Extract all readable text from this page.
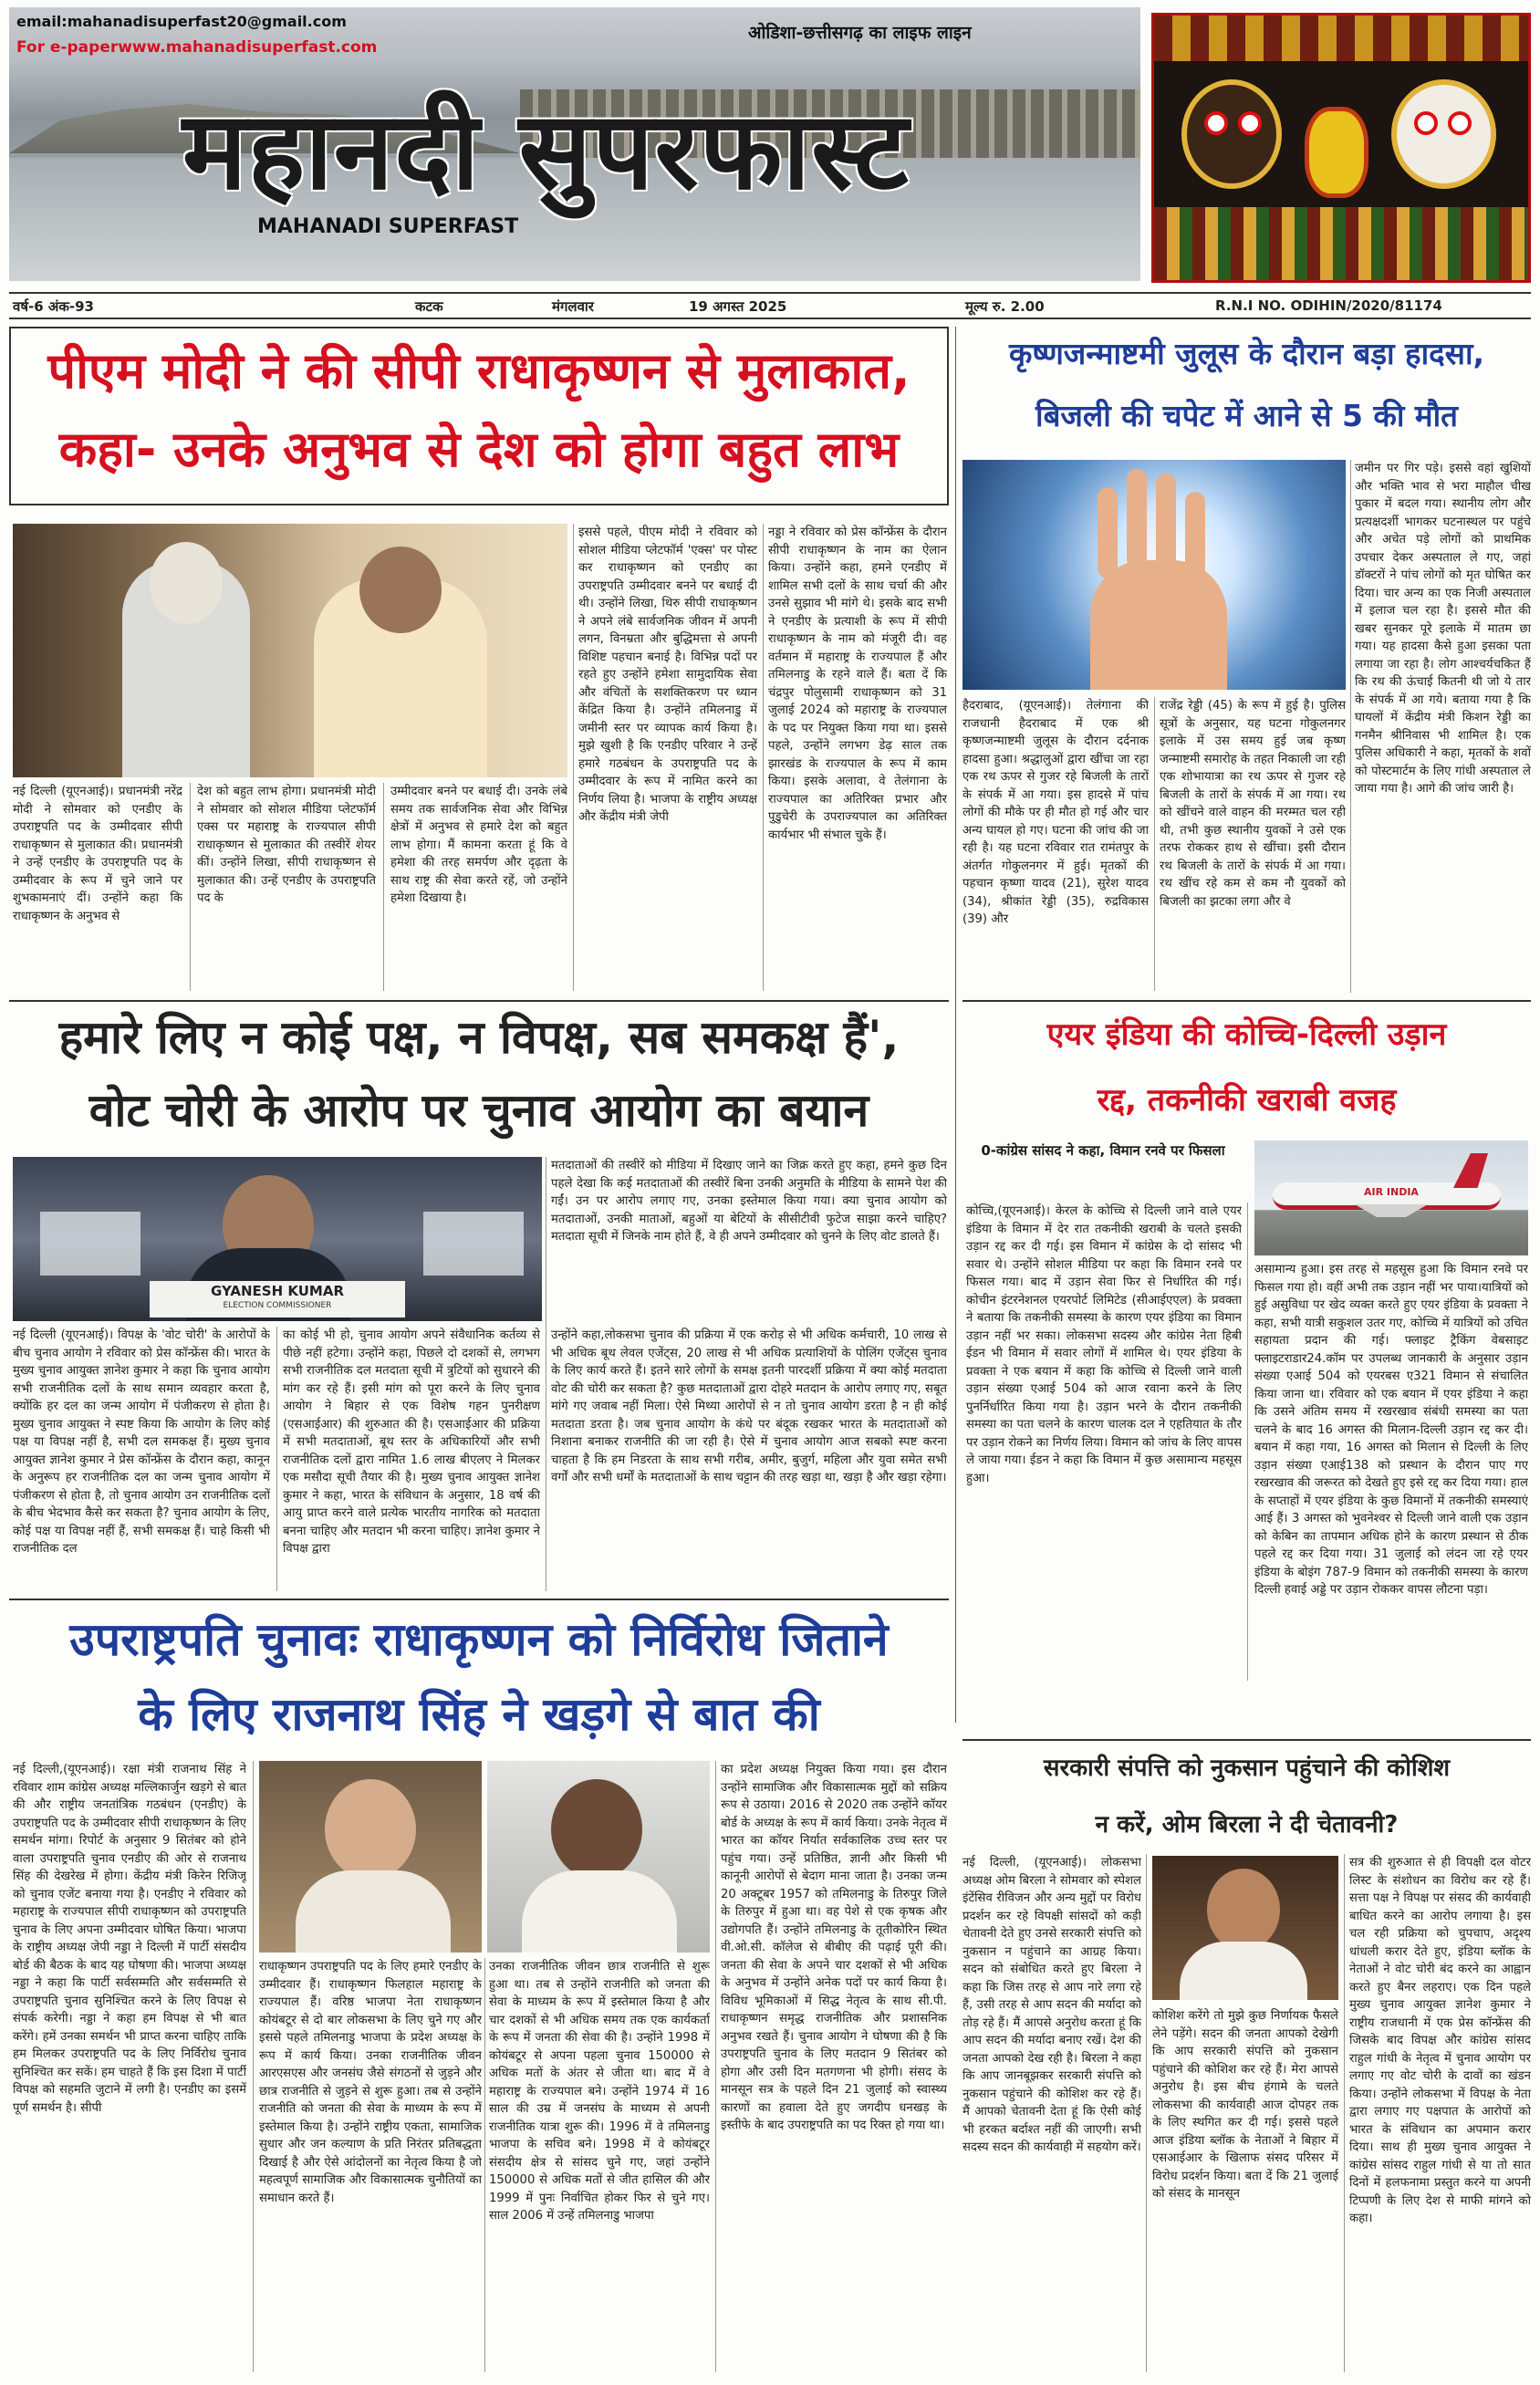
email:mahanadisuperfast20@gmail.com
For e-paperwww.mahanadisuperfast.com
ओडिशा-छत्तीसगढ़ का लाइफ लाइन
महानदी सुपरफास्ट
MAHANADI SUPERFAST
वर्ष-6 अंक-93	कटक	मंगलवार	19 अगस्त 2025	मूल्य रु. 2.00	R.N.I NO. ODIHIN/2020/81174
पीएम मोदी ने की सीपी राधाकृष्णन से मुलाकात,
कहा- उनके अनुभव से देश को होगा बहुत लाभ
नई दिल्ली (यूएनआई)। प्रधानमंत्री नरेंद्र मोदी ने सोमवार को एनडीए के उपराष्ट्रपति पद के उम्मीदवार सीपी राधाकृष्णन से मुलाकात की। प्रधानमंत्री ने उन्हें एनडीए के उपराष्ट्रपति पद के उम्मीदवार के रूप में चुने जाने पर शुभकामनाएं दीं। उन्होंने कहा कि राधाकृष्णन के अनुभव से
देश को बहुत लाभ होगा। प्रधानमंत्री मोदी ने सोमवार को सोशल मीडिया प्लेटफॉर्म एक्स पर महाराष्ट्र के राज्यपाल सीपी राधाकृष्णन से मुलाकात की तस्वीरें शेयर कीं। उन्होंने लिखा, सीपी राधाकृष्णन से मुलाकात की। उन्हें एनडीए के उपराष्ट्रपति पद के
उम्मीदवार बनने पर बधाई दी। उनके लंबे समय तक सार्वजनिक सेवा और विभिन्न क्षेत्रों में अनुभव से हमारे देश को बहुत लाभ होगा। मैं कामना करता हूं कि वे हमेशा की तरह समर्पण और दृढ़ता के साथ राष्ट्र की सेवा करते रहें, जो उन्होंने हमेशा दिखाया है।
इससे पहले, पीएम मोदी ने रविवार को सोशल मीडिया प्लेटफॉर्म 'एक्स' पर पोस्ट कर राधाकृष्णन को एनडीए का उपराष्ट्रपति उम्मीदवार बनने पर बधाई दी थी। उन्होंने लिखा, थिरु सीपी राधाकृष्णन ने अपने लंबे सार्वजनिक जीवन में अपनी लगन, विनम्रता और बुद्धिमत्ता से अपनी विशिष्ट पहचान बनाई है। विभिन्न पदों पर रहते हुए उन्होंने हमेशा सामुदायिक सेवा और वंचितों के सशक्तिकरण पर ध्यान केंद्रित किया है। उन्होंने तमिलनाडु में जमीनी स्तर पर व्यापक कार्य किया है। मुझे खुशी है कि एनडीए परिवार ने उन्हें हमारे गठबंधन के उपराष्ट्रपति पद के उम्मीदवार के रूप में नामित करने का निर्णय लिया है। भाजपा के राष्ट्रीय अध्यक्ष और केंद्रीय मंत्री जेपी
नड्डा ने रविवार को प्रेस कॉन्फ्रेंस के दौरान सीपी राधाकृष्णन के नाम का ऐलान किया। उन्होंने कहा, हमने एनडीए में शामिल सभी दलों के साथ चर्चा की और उनसे सुझाव भी मांगे थे। इसके बाद सभी ने एनडीए के प्रत्याशी के रूप में सीपी राधाकृष्णन के नाम को मंजूरी दी। वह वर्तमान में महाराष्ट्र के राज्यपाल हैं और तमिलनाडु के रहने वाले हैं। बता दें कि चंद्रपुर पोलुसामी राधाकृष्णन को 31 जुलाई 2024 को महाराष्ट्र के राज्यपाल के पद पर नियुक्त किया गया था। इससे पहले, उन्होंने लगभग डेढ़ साल तक झारखंड के राज्यपाल के रूप में काम किया। इसके अलावा, वे तेलंगाना के राज्यपाल का अतिरिक्त प्रभार और पुडुचेरी के उपराज्यपाल का अतिरिक्त कार्यभार भी संभाल चुके हैं।
कृष्णजन्माष्टमी जुलूस के दौरान बड़ा हादसा,
बिजली की चपेट में आने से 5 की मौत
जमीन पर गिर पड़े। इससे वहां खुशियों और भक्ति भाव से भरा माहौल चीख पुकार में बदल गया। स्थानीय लोग और प्रत्यक्षदर्शी भागकर घटनास्थल पर पहुंचे और अचेत पड़े लोगों को प्राथमिक उपचार देकर अस्पताल ले गए, जहां डॉक्टरों ने पांच लोगों को मृत घोषित कर दिया। चार अन्य का एक निजी अस्पताल में इलाज चल रहा है। इससे मौत की खबर सुनकर पूरे इलाके में मातम छा गया। यह हादसा कैसे हुआ इसका पता लगाया जा रहा है। लोग आश्चर्यचकित हैं कि रथ की ऊंचाई कितनी थी जो ये तार के संपर्क में आ गये। बताया गया है कि घायलों में केंद्रीय मंत्री किशन रेड्डी का गनमैन श्रीनिवास भी शामिल है। एक पुलिस अधिकारी ने कहा, मृतकों के शवों को पोस्टमार्टम के लिए गांधी अस्पताल ले जाया गया है। आगे की जांच जारी है।
हैदराबाद, (यूएनआई)। तेलंगाना की राजधानी हैदराबाद में एक श्री कृष्णजन्माष्टमी जुलूस के दौरान दर्दनाक हादसा हुआ। श्रद्धालुओं द्वारा खींचा जा रहा एक रथ ऊपर से गुजर रहे बिजली के तारों के संपर्क में आ गया। इस हादसे में पांच लोगों की मौके पर ही मौत हो गई और चार अन्य घायल हो गए। घटना की जांच की जा रही है। यह घटना रविवार रात रामंतपुर के अंतर्गत गोकुलनगर में हुई। मृतकों की पहचान कृष्णा यादव (21), सुरेश यादव (34), श्रीकांत रेड्डी (35), रुद्रविकास (39) और
राजेंद्र रेड्डी (45) के रूप में हुई है। पुलिस सूत्रों के अनुसार, यह घटना गोकुलनगर इलाके में उस समय हुई जब कृष्ण जन्माष्टमी समारोह के तहत निकाली जा रही एक शोभायात्रा का रथ ऊपर से गुजर रहे बिजली के तारों के संपर्क में आ गया। रथ को खींचने वाले वाहन की मरम्मत चल रही थी, तभी कुछ स्थानीय युवकों ने उसे एक तरफ रोककर हाथ से खींचा। इसी दौरान रथ बिजली के तारों के संपर्क में आ गया। रथ खींच रहे कम से कम नौ युवकों को बिजली का झटका लगा और वे
हमारे लिए न कोई पक्ष, न विपक्ष, सब समकक्ष हैं',
वोट चोरी के आरोप पर चुनाव आयोग का बयान
GYANESH KUMAR
ELECTION COMMISSIONER
मतदाताओं की तस्वीरें को मीडिया में दिखाए जाने का जिक्र करते हुए कहा, हमने कुछ दिन पहले देखा कि कई मतदाताओं की तस्वीरें बिना उनकी अनुमति के मीडिया के सामने पेश की गईं। उन पर आरोप लगाए गए, उनका इस्तेमाल किया गया। क्या चुनाव आयोग को मतदाताओं, उनकी माताओं, बहुओं या बेटियों के सीसीटीवी फुटेज साझा करने चाहिए? मतदाता सूची में जिनके नाम होते हैं, वे ही अपने उम्मीदवार को चुनने के लिए वोट डालते हैं।
नई दिल्ली (यूएनआई)। विपक्ष के 'वोट चोरी' के आरोपों के बीच चुनाव आयोग ने रविवार को प्रेस कॉन्फ्रेंस की। भारत के मुख्य चुनाव आयुक्त ज्ञानेश कुमार ने कहा कि चुनाव आयोग सभी राजनीतिक दलों के साथ समान व्यवहार करता है, क्योंकि हर दल का जन्म आयोग में पंजीकरण से होता है। मुख्य चुनाव आयुक्त ने स्पष्ट किया कि आयोग के लिए कोई पक्ष या विपक्ष नहीं है, सभी दल समकक्ष हैं। मुख्य चुनाव आयुक्त ज्ञानेश कुमार ने प्रेस कॉन्फ्रेंस के दौरान कहा, कानून के अनुरूप हर राजनीतिक दल का जन्म चुनाव आयोग में पंजीकरण से होता है, तो चुनाव आयोग उन राजनीतिक दलों के बीच भेदभाव कैसे कर सकता है? चुनाव आयोग के लिए, कोई पक्ष या विपक्ष नहीं हैं, सभी समकक्ष हैं। चाहे किसी भी राजनीतिक दल
का कोई भी हो, चुनाव आयोग अपने संवैधानिक कर्तव्य से पीछे नहीं हटेगा। उन्होंने कहा, पिछले दो दशकों से, लगभग सभी राजनीतिक दल मतदाता सूची में त्रुटियों को सुधारने की मांग कर रहे हैं। इसी मांग को पूरा करने के लिए चुनाव आयोग ने बिहार से एक विशेष गहन पुनरीक्षण (एसआईआर) की शुरुआत की है। एसआईआर की प्रक्रिया में सभी मतदाताओं, बूथ स्तर के अधिकारियों और सभी राजनीतिक दलों द्वारा नामित 1.6 लाख बीएलए ने मिलकर एक मसौदा सूची तैयार की है। मुख्य चुनाव आयुक्त ज्ञानेश कुमार ने कहा, भारत के संविधान के अनुसार, 18 वर्ष की आयु प्राप्त करने वाले प्रत्येक भारतीय नागरिक को मतदाता बनना चाहिए और मतदान भी करना चाहिए। ज्ञानेश कुमार ने विपक्ष द्वारा
उन्होंने कहा,लोकसभा चुनाव की प्रक्रिया में एक करोड़ से भी अधिक कर्मचारी, 10 लाख से भी अधिक बूथ लेवल एजेंट्स, 20 लाख से भी अधिक प्रत्याशियों के पोलिंग एजेंट्स चुनाव के लिए कार्य करते हैं। इतने सारे लोगों के समक्ष इतनी पारदर्शी प्रक्रिया में क्या कोई मतदाता वोट की चोरी कर सकता है? कुछ मतदाताओं द्वारा दोहरे मतदान के आरोप लगाए गए, सबूत मांगे गए जवाब नहीं मिला। ऐसे मिथ्या आरोपों से न तो चुनाव आयोग डरता है न ही कोई मतदाता डरता है। जब चुनाव आयोग के कंधे पर बंदूक रखकर भारत के मतदाताओं को निशाना बनाकर राजनीति की जा रही है। ऐसे में चुनाव आयोग आज सबको स्पष्ट करना चाहता है कि हम निडरता के साथ सभी गरीब, अमीर, बुजुर्ग, महिला और युवा समेत सभी वर्गों और सभी धर्मों के मतदाताओं के साथ चट्टान की तरह खड़ा था, खड़ा है और खड़ा रहेगा।
एयर इंडिया की कोच्चि-दिल्ली उड़ान
रद्द, तकनीकी खराबी वजह
0-कांग्रेस सांसद ने कहा, विमान रनवे पर फिसला
कोच्चि,(यूएनआई)। केरल के कोच्चि से दिल्ली जाने वाले एयर इंडिया के विमान में देर रात तकनीकी खराबी के चलते इसकी उड़ान रद्द कर दी गई। इस विमान में कांग्रेस के दो सांसद भी सवार थे। उन्होंने सोशल मीडिया पर कहा कि विमान रनवे पर फिसल गया। बाद में उड़ान सेवा फिर से निर्धारित की गई। कोचीन इंटरनेशनल एयरपोर्ट लिमिटेड (सीआईएएल) के प्रवक्ता ने बताया कि तकनीकी समस्या के कारण एयर इंडिया का विमान उड़ान नहीं भर सका। लोकसभा सदस्य और कांग्रेस नेता हिबी ईडन भी विमान में सवार लोगों में शामिल थे। एयर इंडिया के प्रवक्ता ने एक बयान में कहा कि कोच्चि से दिल्ली जाने वाली उड़ान संख्या एआई 504 को आज रवाना करने के लिए पुनर्निर्धारित किया गया है। उड़ान भरने के दौरान तकनीकी समस्या का पता चलने के कारण चालक दल ने एहतियात के तौर पर उड़ान रोकने का निर्णय लिया। विमान को जांच के लिए वापस ले जाया गया। ईडन ने कहा कि विमान में कुछ असामान्य महसूस हुआ।
AIR INDIA
असामान्य हुआ। इस तरह से महसूस हुआ कि विमान रनवे पर फिसल गया हो। वहीं अभी तक उड़ान नहीं भर पाया।यात्रियों को हुई असुविधा पर खेद व्यक्त करते हुए एयर इंडिया के प्रवक्ता ने कहा, सभी यात्री सकुशल उतर गए, कोच्चि में यात्रियों को उचित सहायता प्रदान की गई। फ्लाइट ट्रैकिंग वेबसाइट फ्लाइटराडार24.कॉम पर उपलब्ध जानकारी के अनुसार उड़ान संख्या एआई 504 को एयरबस ए321 विमान से संचालित किया जाना था। रविवार को एक बयान में एयर इंडिया ने कहा कि उसने अंतिम समय में रखरखाव संबंधी समस्या का पता चलने के बाद 16 अगस्त की मिलान-दिल्ली उड़ान रद्द कर दी। बयान में कहा गया, 16 अगस्त को मिलान से दिल्ली के लिए उड़ान संख्या एआई138 को प्रस्थान के दौरान पाए गए रखरखाव की जरूरत को देखते हुए इसे रद्द कर दिया गया। हाल के सप्ताहों में एयर इंडिया के कुछ विमानों में तकनीकी समस्याएं आई हैं। 3 अगस्त को भुवनेश्वर से दिल्ली जाने वाली एक उड़ान को केबिन का तापमान अधिक होने के कारण प्रस्थान से ठीक पहले रद्द कर दिया गया। 31 जुलाई को लंदन जा रहे एयर इंडिया के बोइंग 787-9 विमान को तकनीकी समस्या के कारण दिल्ली हवाई अड्डे पर उड़ान रोककर वापस लौटना पड़ा।
उपराष्ट्रपति चुनावः राधाकृष्णन को निर्विरोध जिताने
के लिए राजनाथ सिंह ने खड़गे से बात की
नई दिल्ली,(यूएनआई)। रक्षा मंत्री राजनाथ सिंह ने रविवार शाम कांग्रेस अध्यक्ष मल्लिकार्जुन खड़गे से बात की और राष्ट्रीय जनतांत्रिक गठबंधन (एनडीए) के उपराष्ट्रपति पद के उम्मीदवार सीपी राधाकृष्णन के लिए समर्थन मांगा। रिपोर्ट के अनुसार 9 सितंबर को होने वाला उपराष्ट्रपति चुनाव एनडीए की ओर से राजनाथ सिंह की देखरेख में होगा। केंद्रीय मंत्री किरेन रिजिजू को चुनाव एजेंट बनाया गया है। एनडीए ने रविवार को महाराष्ट्र के राज्यपाल सीपी राधाकृष्णन को उपराष्ट्रपति चुनाव के लिए अपना उम्मीदवार घोषित किया। भाजपा के राष्ट्रीय अध्यक्ष जेपी नड्डा ने दिल्ली में पार्टी संसदीय बोर्ड की बैठक के बाद यह घोषणा की। भाजपा अध्यक्ष नड्डा ने कहा कि पार्टी सर्वसम्मति और सर्वसम्मति से उपराष्ट्रपति चुनाव सुनिश्चित करने के लिए विपक्ष से संपर्क करेगी। नड्डा ने कहा हम विपक्ष से भी बात करेंगे। हमें उनका समर्थन भी प्राप्त करना चाहिए ताकि हम मिलकर उपराष्ट्रपति पद के लिए निर्विरोध चुनाव सुनिश्चित कर सकें। हम चाहते हैं कि इस दिशा में पार्टी विपक्ष को सहमति जुटाने में लगी है। एनडीए का इसमें पूर्ण समर्थन है। सीपी
राधाकृष्णन उपराष्ट्रपति पद के लिए हमारे एनडीए के उम्मीदवार हैं। राधाकृष्णन फिलहाल महाराष्ट्र के राज्यपाल हैं। वरिष्ठ भाजपा नेता राधाकृष्णन कोयंबटूर से दो बार लोकसभा के लिए चुने गए और इससे पहले तमिलनाडु भाजपा के प्रदेश अध्यक्ष के रूप में कार्य किया। उनका राजनीतिक जीवन आरएसएस और जनसंघ जैसे संगठनों से जुड़ने और छात्र राजनीति से जुड़ने से शुरू हुआ। तब से उन्होंने राजनीति को जनता की सेवा के माध्यम के रूप में इस्तेमाल किया है। उन्होंने राष्ट्रीय एकता, सामाजिक सुधार और जन कल्याण के प्रति निरंतर प्रतिबद्धता दिखाई है और ऐसे आंदोलनों का नेतृत्व किया है जो महत्वपूर्ण सामाजिक और विकासात्मक चुनौतियों का समाधान करते हैं।
उनका राजनीतिक जीवन छात्र राजनीति से शुरू हुआ था। तब से उन्होंने राजनीति को जनता की सेवा के माध्यम के रूप में इस्तेमाल किया है और चार दशकों से भी अधिक समय तक एक कार्यकर्ता के रूप में जनता की सेवा की है। उन्होंने 1998 में कोयंबटूर से अपना पहला चुनाव 150000 से अधिक मतों के अंतर से जीता था। बाद में वे महाराष्ट्र के राज्यपाल बने। उन्होंने 1974 में 16 साल की उम्र में जनसंघ के माध्यम से अपनी राजनीतिक यात्रा शुरू की। 1996 में वे तमिलनाडु भाजपा के सचिव बने। 1998 में वे कोयंबटूर संसदीय क्षेत्र से सांसद चुने गए, जहां उन्होंने 150000 से अधिक मतों से जीत हासिल की और 1999 में पुनः निर्वाचित होकर फिर से चुने गए। साल 2006 में उन्हें तमिलनाडु भाजपा
का प्रदेश अध्यक्ष नियुक्त किया गया। इस दौरान उन्होंने सामाजिक और विकासात्मक मुद्दों को सक्रिय रूप से उठाया। 2016 से 2020 तक उन्होंने कॉयर बोर्ड के अध्यक्ष के रूप में कार्य किया। उनके नेतृत्व में भारत का कॉयर निर्यात सर्वकालिक उच्च स्तर पर पहुंच गया। उन्हें प्रतिष्ठित, ज्ञानी और किसी भी कानूनी आरोपों से बेदाग माना जाता है। उनका जन्म 20 अक्टूबर 1957 को तमिलनाडु के तिरुपुर जिले के तिरुपुर में हुआ था। वह पेशे से एक कृषक और उद्योगपति हैं। उन्होंने तमिलनाडु के तूतीकोरिन स्थित वी.ओ.सी. कॉलेज से बीबीए की पढ़ाई पूरी की। जनता की सेवा के अपने चार दशकों से भी अधिक के अनुभव में उन्होंने अनेक पदों पर कार्य किया है। विविध भूमिकाओं में सिद्ध नेतृत्व के साथ सी.पी. राधाकृष्णन समृद्ध राजनीतिक और प्रशासनिक अनुभव रखते हैं। चुनाव आयोग ने घोषणा की है कि उपराष्ट्रपति चुनाव के लिए मतदान 9 सितंबर को होगा और उसी दिन मतगणना भी होगी। संसद के मानसून सत्र के पहले दिन 21 जुलाई को स्वास्थ्य कारणों का हवाला देते हुए जगदीप धनखड़ के इस्तीफे के बाद उपराष्ट्रपति का पद रिक्त हो गया था।
सरकारी संपत्ति को नुकसान पहुंचाने की कोशिश
न करें, ओम बिरला ने दी चेतावनी?
नई दिल्ली, (यूएनआई)। लोकसभा अध्यक्ष ओम बिरला ने सोमवार को स्पेशल इंटेंसिव रीविजन और अन्य मुद्दों पर विरोध प्रदर्शन कर रहे विपक्षी सांसदों को कड़ी चेतावनी देते हुए उनसे सरकारी संपत्ति को नुकसान न पहुंचाने का आग्रह किया। सदन को संबोधित करते हुए बिरला ने कहा कि जिस तरह से आप नारे लगा रहे हैं, उसी तरह से आप सदन की मर्यादा को तोड़ रहे हैं। मैं आपसे अनुरोध करता हूं कि आप सदन की मर्यादा बनाए रखें। देश की जनता आपको देख रही है। बिरला ने कहा कि आप जानबूझकर सरकारी संपत्ति को नुकसान पहुंचाने की कोशिश कर रहे हैं। मैं आपको चेतावनी देता हूं कि ऐसी कोई भी हरकत बर्दाश्त नहीं की जाएगी। सभी सदस्य सदन की कार्यवाही में सहयोग करें।
कोशिश करेंगे तो मुझे कुछ निर्णायक फैसले लेने पड़ेंगे। सदन की जनता आपको देखेगी कि आप सरकारी संपत्ति को नुकसान पहुंचाने की कोशिश कर रहे हैं। मेरा आपसे अनुरोध है। इस बीच हंगामे के चलते लोकसभा की कार्यवाही आज दोपहर तक के लिए स्थगित कर दी गई। इससे पहले आज इंडिया ब्लॉक के नेताओं ने बिहार में एसआईआर के खिलाफ संसद परिसर में विरोध प्रदर्शन किया। बता दें कि 21 जुलाई को संसद के मानसून
सत्र की शुरुआत से ही विपक्षी दल वोटर लिस्ट के संशोधन का विरोध कर रहे हैं। सत्ता पक्ष ने विपक्ष पर संसद की कार्यवाही बाधित करने का आरोप लगाया है। इस चल रही प्रक्रिया को चुपचाप, अदृश्य धांधली करार देते हुए, इंडिया ब्लॉक के नेताओं ने वोट चोरी बंद करने का आह्वान करते हुए बैनर लहराए। एक दिन पहले मुख्य चुनाव आयुक्त ज्ञानेश कुमार ने राष्ट्रीय राजधानी में एक प्रेस कॉन्फ्रेंस की जिसके बाद विपक्ष और कांग्रेस सांसद राहुल गांधी के नेतृत्व में चुनाव आयोग पर लगाए गए वोट चोरी के दावों का खंडन किया। उन्होंने लोकसभा में विपक्ष के नेता द्वारा लगाए गए पक्षपात के आरोपों को भारत के संविधान का अपमान करार दिया। साथ ही मुख्य चुनाव आयुक्त ने कांग्रेस सांसद राहुल गांधी से या तो सात दिनों में हलफनामा प्रस्तुत करने या अपनी टिप्पणी के लिए देश से माफी मांगने को कहा।
